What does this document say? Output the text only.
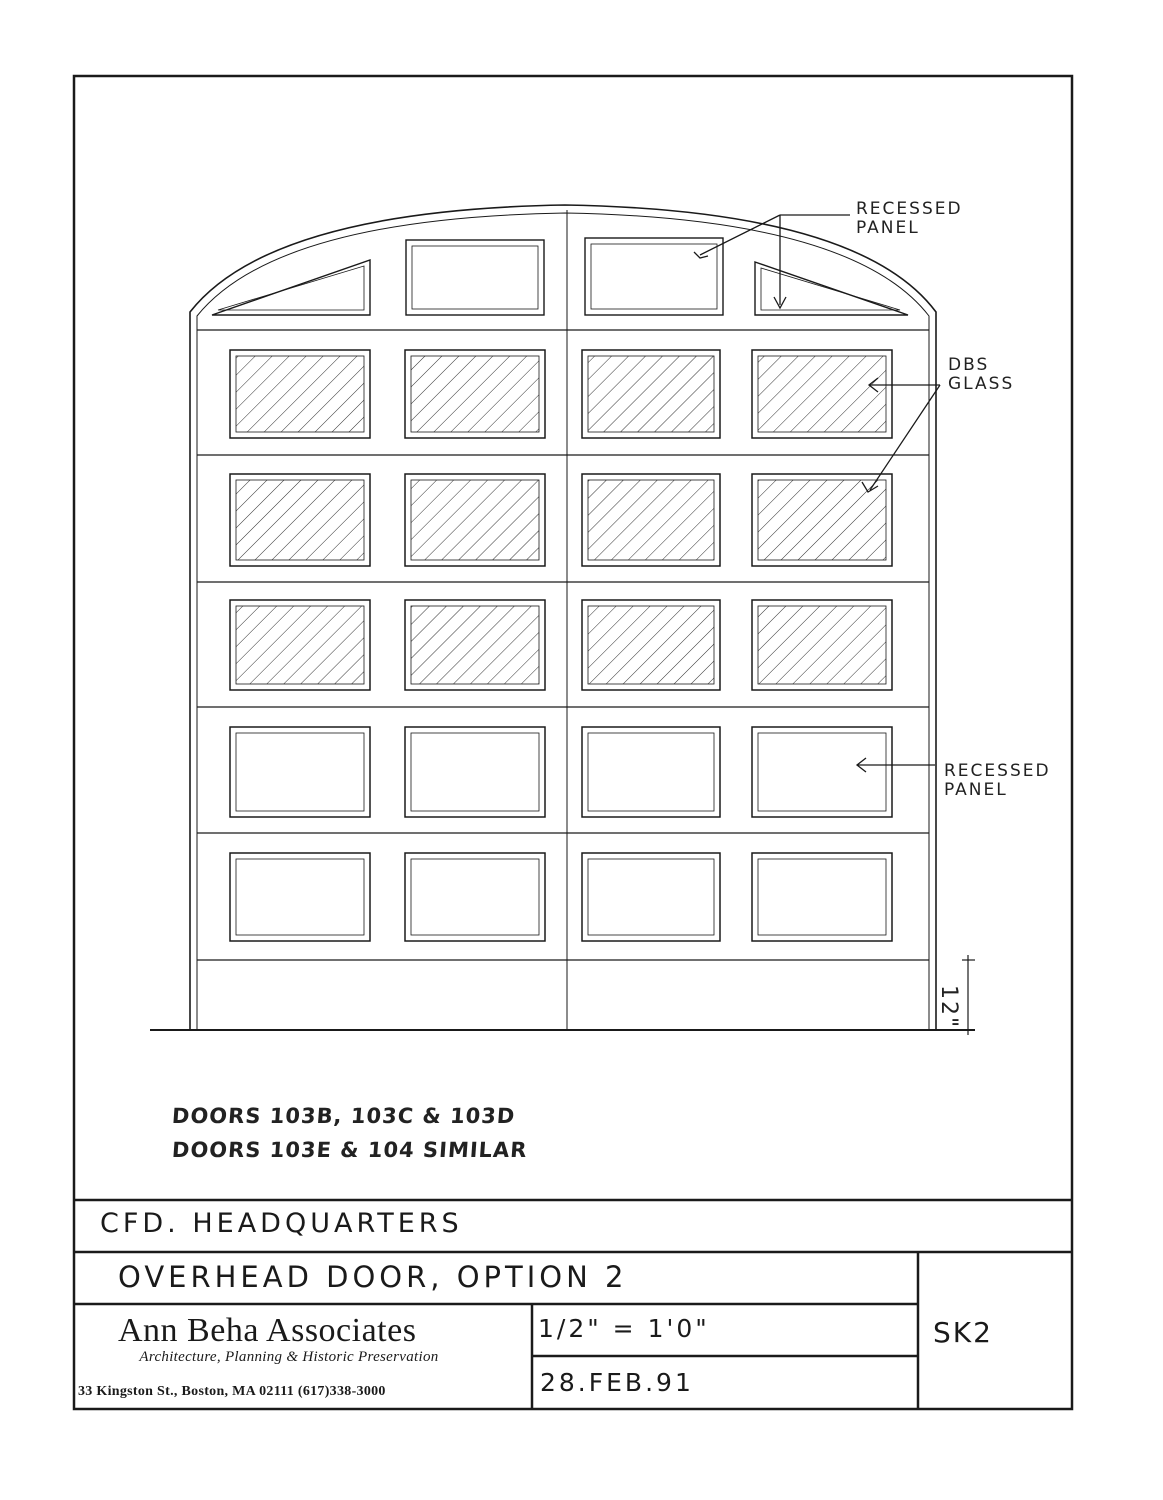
RECESSED
PANEL
DBS
GLASS
RECESSED
PANEL
12"
DOORS 103B, 103C & 103D
DOORS 103E & 104 SIMILAR
CFD. HEADQUARTERS
OVERHEAD DOOR, OPTION 2
Ann Beha Associates
Architecture, Planning & Historic Preservation
33 Kingston St., Boston, MA 02111 (617)338-3000
1/2" = 1'0"
28.FEB.91
SK2
